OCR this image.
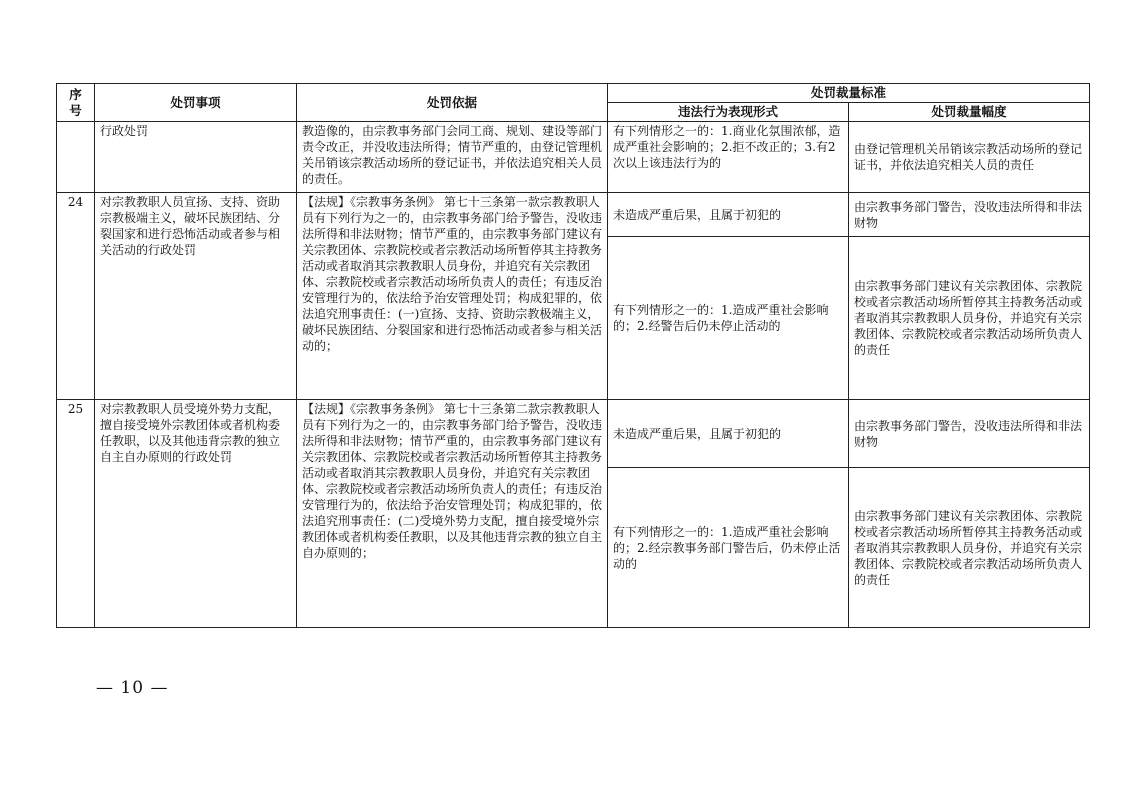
序
号	处罚事项	处罚依据	处罚裁量标准	
			违法行为表现形式	处罚裁量幅度
	行政处罚	教造像的，由宗教事务部门会同工商、规划、建设等部门责令改正，并没收违法所得；情节严重的，由登记管理机关吊销该宗教活动场所的登记证书，并依法追究相关人员的责任。	有下列情形之一的：1.商业化氛围浓郁，造成严重社会影响的；2.拒不改正的；3.有2次以上该违法行为的	由登记管理机关吊销该宗教活动场所的登记证书，并依法追究相关人员的责任
24	对宗教教职人员宣扬、支持、资助宗教极端主义，破坏民族团结、分裂国家和进行恐怖活动或者参与相关活动的行政处罚	【法规】《宗教事务条例》 第七十三条第一款宗教教职人员有下列行为之一的，由宗教事务部门给予警告，没收违法所得和非法财物；情节严重的，由宗教事务部门建议有关宗教团体、宗教院校或者宗教活动场所暂停其主持教务活动或者取消其宗教教职人员身份，并追究有关宗教团体、宗教院校或者宗教活动场所负责人的责任；有违反治安管理行为的，依法给予治安管理处罚；构成犯罪的，依法追究刑事责任：(一)宣扬、支持、资助宗教极端主义，破坏民族团结、分裂国家和进行恐怖活动或者参与相关活动的；	未造成严重后果，且属于初犯的	由宗教事务部门警告，没收违法所得和非法财物
			有下列情形之一的：1.造成严重社会影响的；2.经警告后仍未停止活动的	由宗教事务部门建议有关宗教团体、宗教院校或者宗教活动场所暂停其主持教务活动或者取消其宗教教职人员身份，并追究有关宗教团体、宗教院校或者宗教活动场所负责人的责任
25	对宗教教职人员受境外势力支配，擅自接受境外宗教团体或者机构委任教职，以及其他违背宗教的独立自主自办原则的行政处罚	【法规】《宗教事务条例》 第七十三条第二款宗教教职人员有下列行为之一的，由宗教事务部门给予警告，没收违法所得和非法财物；情节严重的，由宗教事务部门建议有关宗教团体、宗教院校或者宗教活动场所暂停其主持教务活动或者取消其宗教教职人员身份，并追究有关宗教团体、宗教院校或者宗教活动场所负责人的责任；有违反治安管理行为的，依法给予治安管理处罚；构成犯罪的，依法追究刑事责任：(二)受境外势力支配，擅自接受境外宗教团体或者机构委任教职，以及其他违背宗教的独立自主自办原则的；	未造成严重后果，且属于初犯的	由宗教事务部门警告，没收违法所得和非法财物
			有下列情形之一的：1.造成严重社会影响的；2.经宗教事务部门警告后，仍未停止活动的	由宗教事务部门建议有关宗教团体、宗教院校或者宗教活动场所暂停其主持教务活动或者取消其宗教教职人员身份，并追究有关宗教团体、宗教院校或者宗教活动场所负责人的责任
— 10 —
